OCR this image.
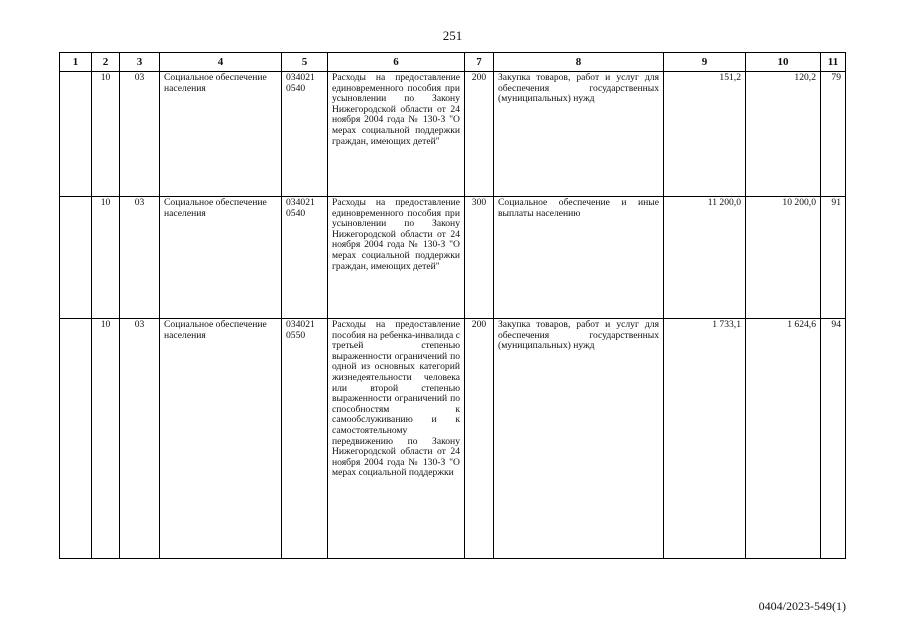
251
1	2	3	4	5	6	7	8	9	10	11
	10	03	Социальное обеспечение населения	034021 0540	Расходы на предоставление единовременного пособия при усыновлении по Закону Нижегородской области от 24 ноября 2004 года № 130-З "О мерах социальной поддержки граждан, имеющих детей"	200	Закупка товаров, работ и услуг для обеспечения государственных (муниципальных) нужд	151,2	120,2	79
	10	03	Социальное обеспечение населения	034021 0540	Расходы на предоставление единовременного пособия при усыновлении по Закону Нижегородской области от 24 ноября 2004 года № 130-З "О мерах социальной поддержки граждан, имеющих детей"	300	Социальное обеспечение и иные выплаты населению	11 200,0	10 200,0	91
	10	03	Социальное обеспечение населения	034021 0550	Расходы на предоставление пособия на ребенка-инвалида с третьей степенью выраженности ограничений по одной из основных категорий жизнедеятельности человека или второй степенью выраженности ограничений по способностям к самообслуживанию и к самостоятельному передвижению по Закону Нижегородской области от 24 ноября 2004 года № 130-З "О мерах социальной поддержки	200	Закупка товаров, работ и услуг для обеспечения государственных (муниципальных) нужд	1 733,1	1 624,6	94
0404/2023-549(1)
